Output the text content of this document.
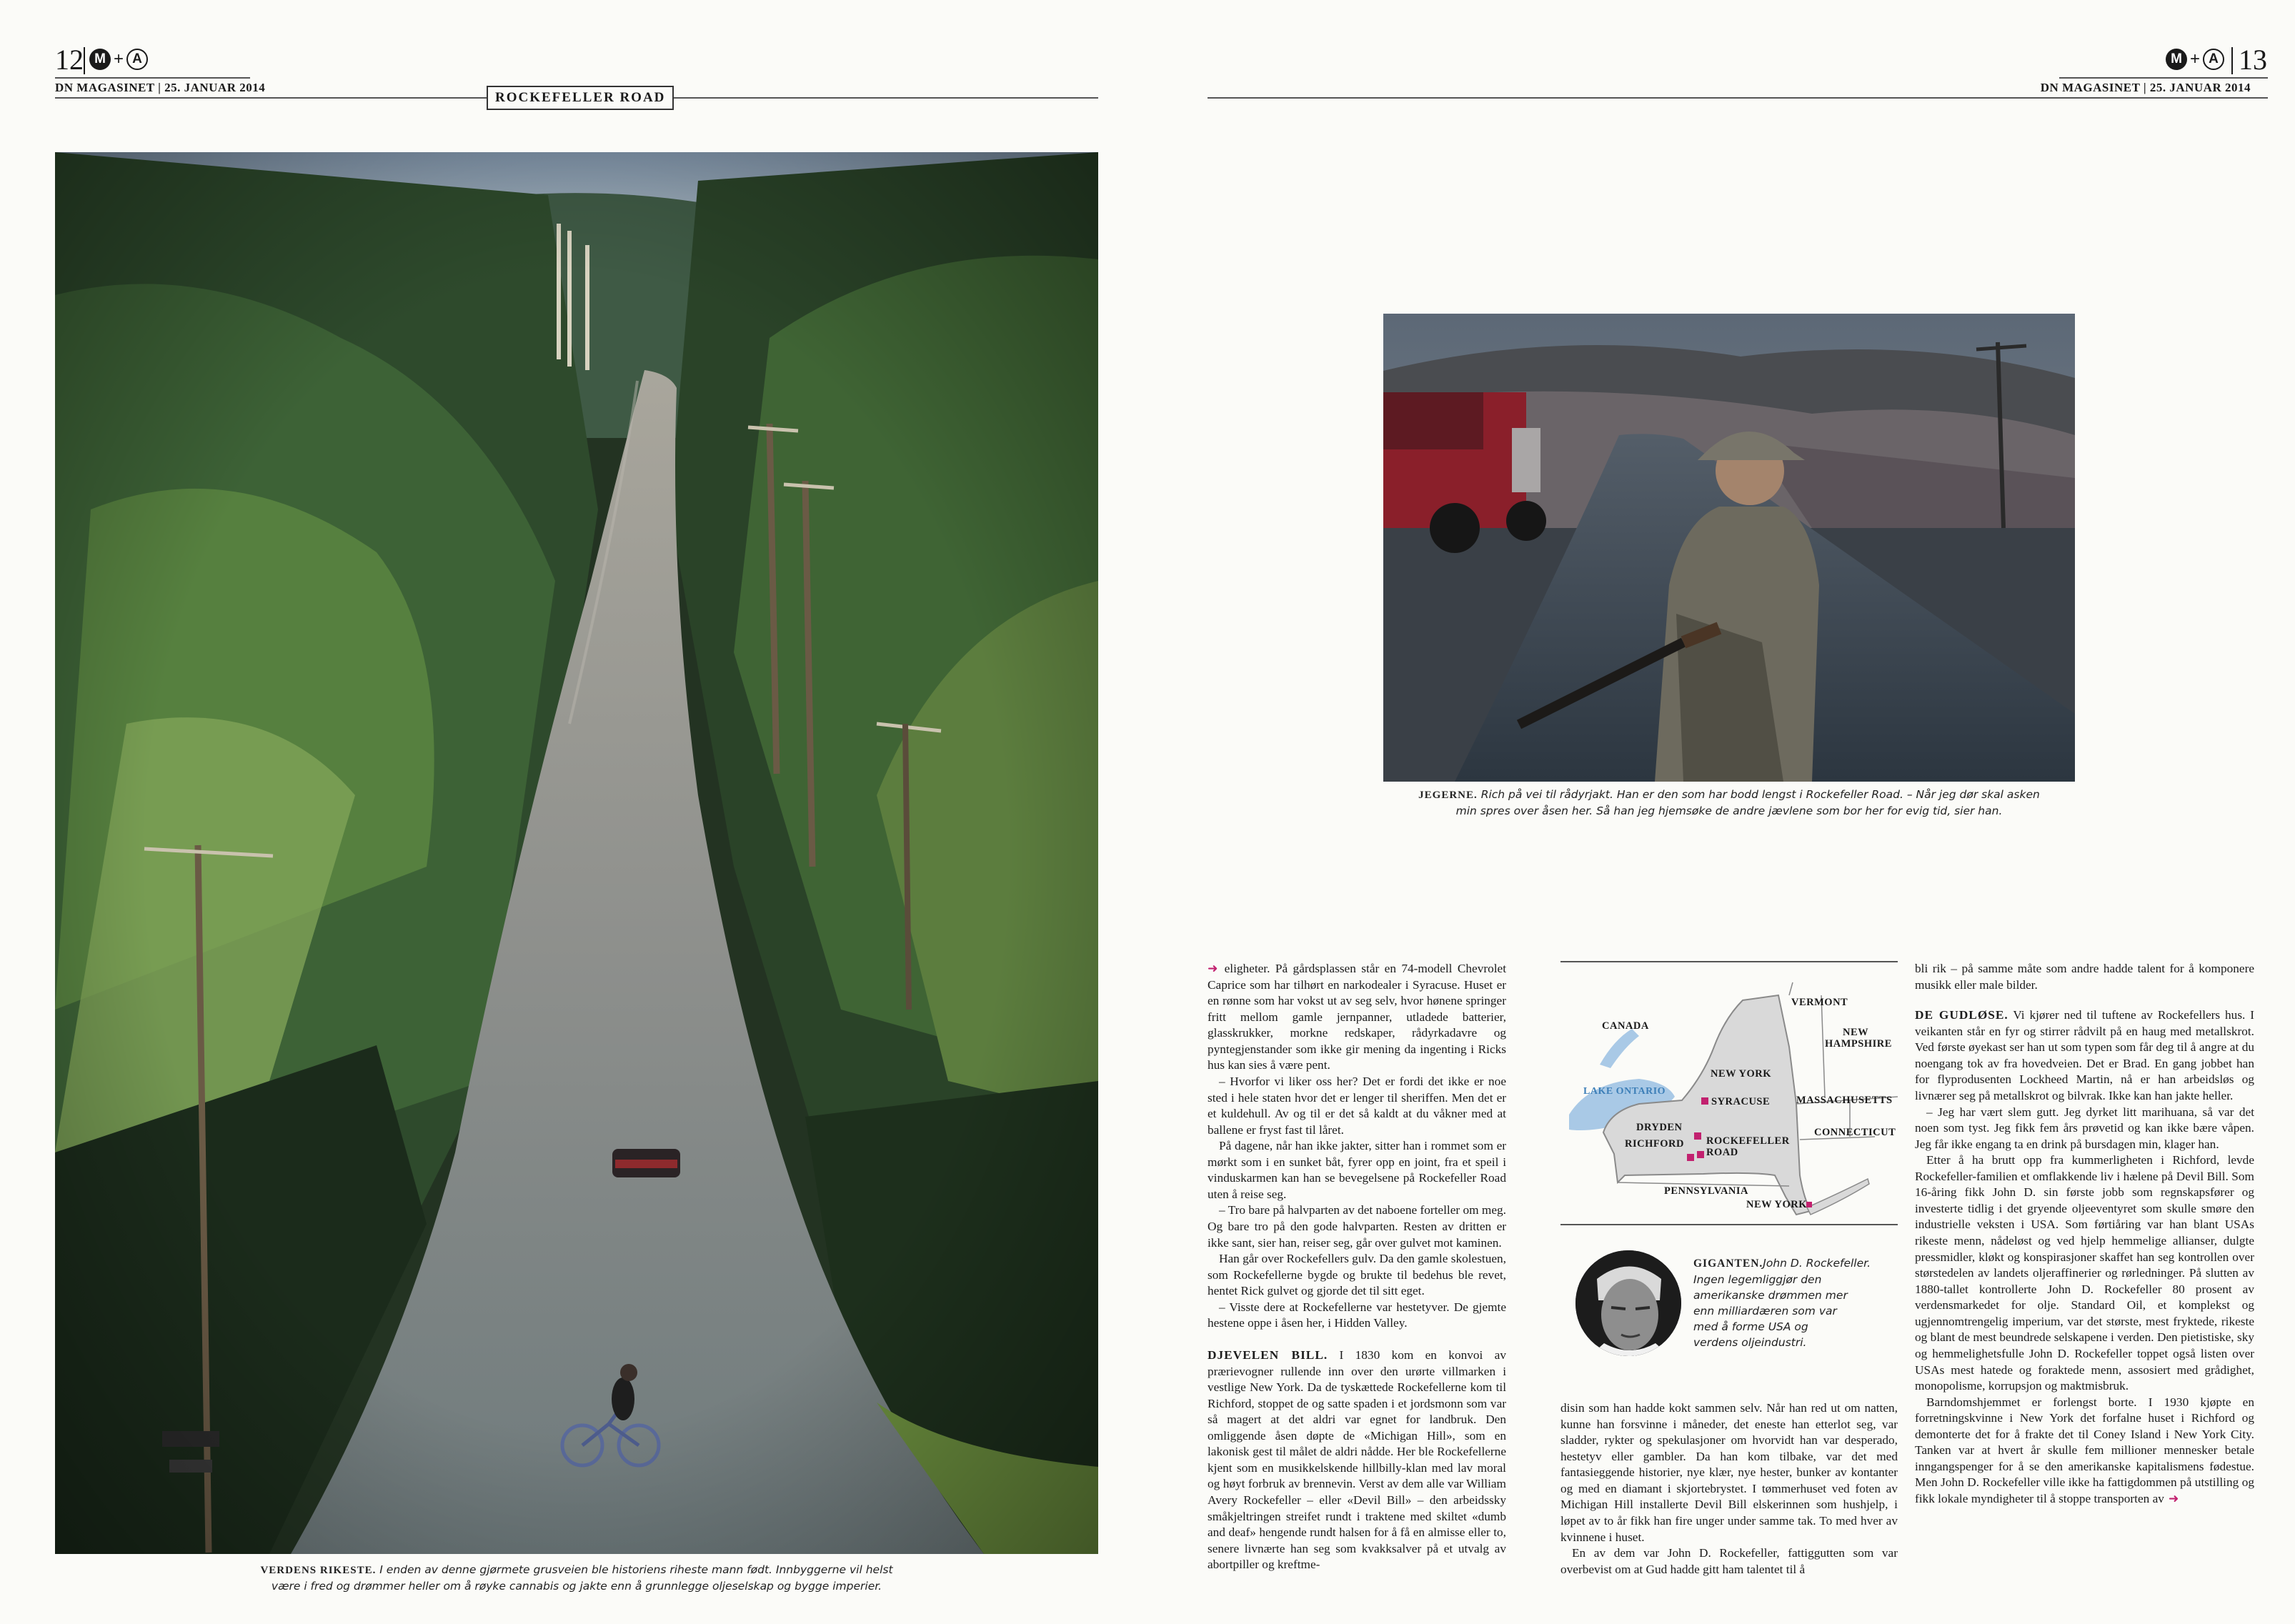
12 M + A
DN MAGASINET | 25. JANUAR 2014
ROCKEFELLER ROAD
VERDENS RIKESTE. I enden av denne gjørmete grusveien ble historiens riheste mann født. Innbyggerne vil helst
være i fred og drømmer heller om å røyke cannabis og jakte enn å grunnlegge oljeselskap og bygge imperier.
M + A 13
DN MAGASINET | 25. JANUAR 2014
JEGERNE. Rich på vei til rådyrjakt. Han er den som har bodd lengst i Rockefeller Road. – Når jeg dør skal asken
min spres over åsen her. Så han jeg hjemsøke de andre jævlene som bor her for evig tid, sier han.

➜ eligheter. På gårdsplassen står en 74-modell Chevrolet Caprice som har tilhørt en narkodealer i Syracuse. Huset er en rønne som har vokst ut av seg selv, hvor hønene springer fritt mellom gamle jernpanner, utladede batterier, glasskrukker, morkne redskaper, rådyrkadavre og pyntegjenstander som ikke gir mening da ingenting i Ricks hus kan sies å være pent.

– Hvorfor vi liker oss her? Det er fordi det ikke er noe sted i hele staten hvor det er lenger til sheriffen. Men det er et kuldehull. Av og til er det så kaldt at du våkner med at ballene er fryst fast til låret.

På dagene, når han ikke jakter, sitter han i rommet som er mørkt som i en sunket båt, fyrer opp en joint, fra et speil i vinduskarmen kan han se bevegelsene på Rockefeller Road uten å reise seg.

– Tro bare på halvparten av det naboene forteller om meg. Og bare tro på den gode halvparten. Resten av dritten er ikke sant, sier han, reiser seg, går over gulvet mot kaminen.

Han går over Rockefellers gulv. Da den gamle skolestuen, som Rockefellerne bygde og brukte til bedehus ble revet, hentet Rick gulvet og gjorde det til sitt eget.

– Visste dere at Rockefellerne var hestetyver. De gjemte hestene oppe i åsen her, i Hidden Valley.

DJEVELEN BILL. I 1830 kom en konvoi av prærievogner rullende inn over den urørte villmarken i vestlige New York. Da de tyskættede Rockefellerne kom til Richford, stoppet de og satte spaden i et jordsmonn som var så magert at det aldri var egnet for landbruk. Den omliggende åsen døpte de «Michigan Hill», som en lakonisk gest til målet de aldri nådde. Her ble Rockefellerne kjent som en musikkelskende hillbilly-klan med lav moral og høyt forbruk av brennevin. Verst av dem alle var William Avery Rockefeller – eller «Devil Bill» – den arbeidssky småkjeltringen streifet rundt i traktene med skiltet «dumb and deaf» hengende rundt halsen for å få en almisse eller to, senere livnærte han seg som kvakksalver på et utvalg av abortpiller og kreftme-

CANADA
VERMONT
NEW
HAMPSHIRE
NEW YORK
LAKE ONTARIO
SYRACUSE	MASSACHUSETTS
DRYDEN
RICHFORD ROCKEFELLER
ROAD
CONNECTICUT
PENNSYLVANIA
NEW YORK
GIGANTEN.John D. Rockefeller.
Ingen legemliggjør den
amerikanske drømmen mer
enn milliardæren som var
med å forme USA og
verdens oljeindustri.

disin som han hadde kokt sammen selv. Når han red ut om natten, kunne han forsvinne i måneder, det enestе han etterlot seg, var sladder, rykter og spekulasjoner om hvorvidt han var desperado, hestetyv eller gambler. Da han kom tilbake, var det med fantasieggende historier, nye klær, nye hester, bunker av kontanter og med en diamant i skjortebrystet. I tømmerhuset ved foten av Michigan Hill installerte Devil Bill elskerinnen som hushjelp, i løpet av to år fikk han fire unger under samme tak. To med hver av kvinnene i huset.

En av dem var John D. Rockefeller, fattiggutten som var overbevist om at Gud hadde gitt ham talentet til å

bli rik – på samme måte som andre hadde talent for å komponere musikk eller male bilder.

DE GUDLØSE. Vi kjører ned til tuftene av Rockefellers hus. I veikanten står en fyr og stirrer rådvilt på en haug med metallskrot. Ved første øyekast ser han ut som typen som får deg til å angre at du noengang tok av fra hovedveien. Det er Brad. En gang jobbet han for flyprodusenten Lockheed Martin, nå er han arbeidsløs og livnærer seg på metallskrot og bilvrak. Ikke kan han jakte heller.

– Jeg har vært slem gutt. Jeg dyrket litt marihuana, så var det noen som tyst. Jeg fikk fem års prøvetid og kan ikke bære våpen. Jeg får ikke engang ta en drink på bursdagen min, klager han.

Etter å ha brutt opp fra kummerligheten i Richford, levde Rockefeller-familien et omflakkende liv i hælene på Devil Bill. Som 16-åring fikk John D. sin første jobb som regnskapsfører og investerte tidlig i det gryende oljeeventyret som skulle smøre den industrielle veksten i USA. Som førtiåring var han blant USAs rikeste menn, nådeløst og ved hjelp hemmelige allianser, dulgte pressmidler, kløkt og konspirasjoner skaffet han seg kontrollen over størstedelen av landets oljeraffinerier og rørledninger. På slutten av 1880-tallet kontrollerte John D. Rockefeller 80 prosent av verdensmarkedet for olje. Standard Oil, et komplekst og ugjennomtrengelig imperium, var det største, mest fryktede, rikeste og blant de mest beundrede selskapene i verden. Den pietistiske, sky og hemmelighetsfulle John D. Rockefeller toppet også listen over USAs mest hatede og foraktede menn, assosiert med grådighet, monopolisme, korrupsjon og maktmisbruk.

Barndomshjemmet er forlengst borte. I 1930 kjøpte en forretningskvinne i New York det forfalne huset i Richford og demonterte det for å frakte det til Coney Island i New York City. Tanken var at hvert år skulle fem millioner mennesker betale inngangspenger for å se den amerikanske kapitalismens fødestue. Men John D. Rockefeller ville ikke ha fattigdommen på utstilling og fikk lokale myndigheter til å stoppe transporten av ➜
